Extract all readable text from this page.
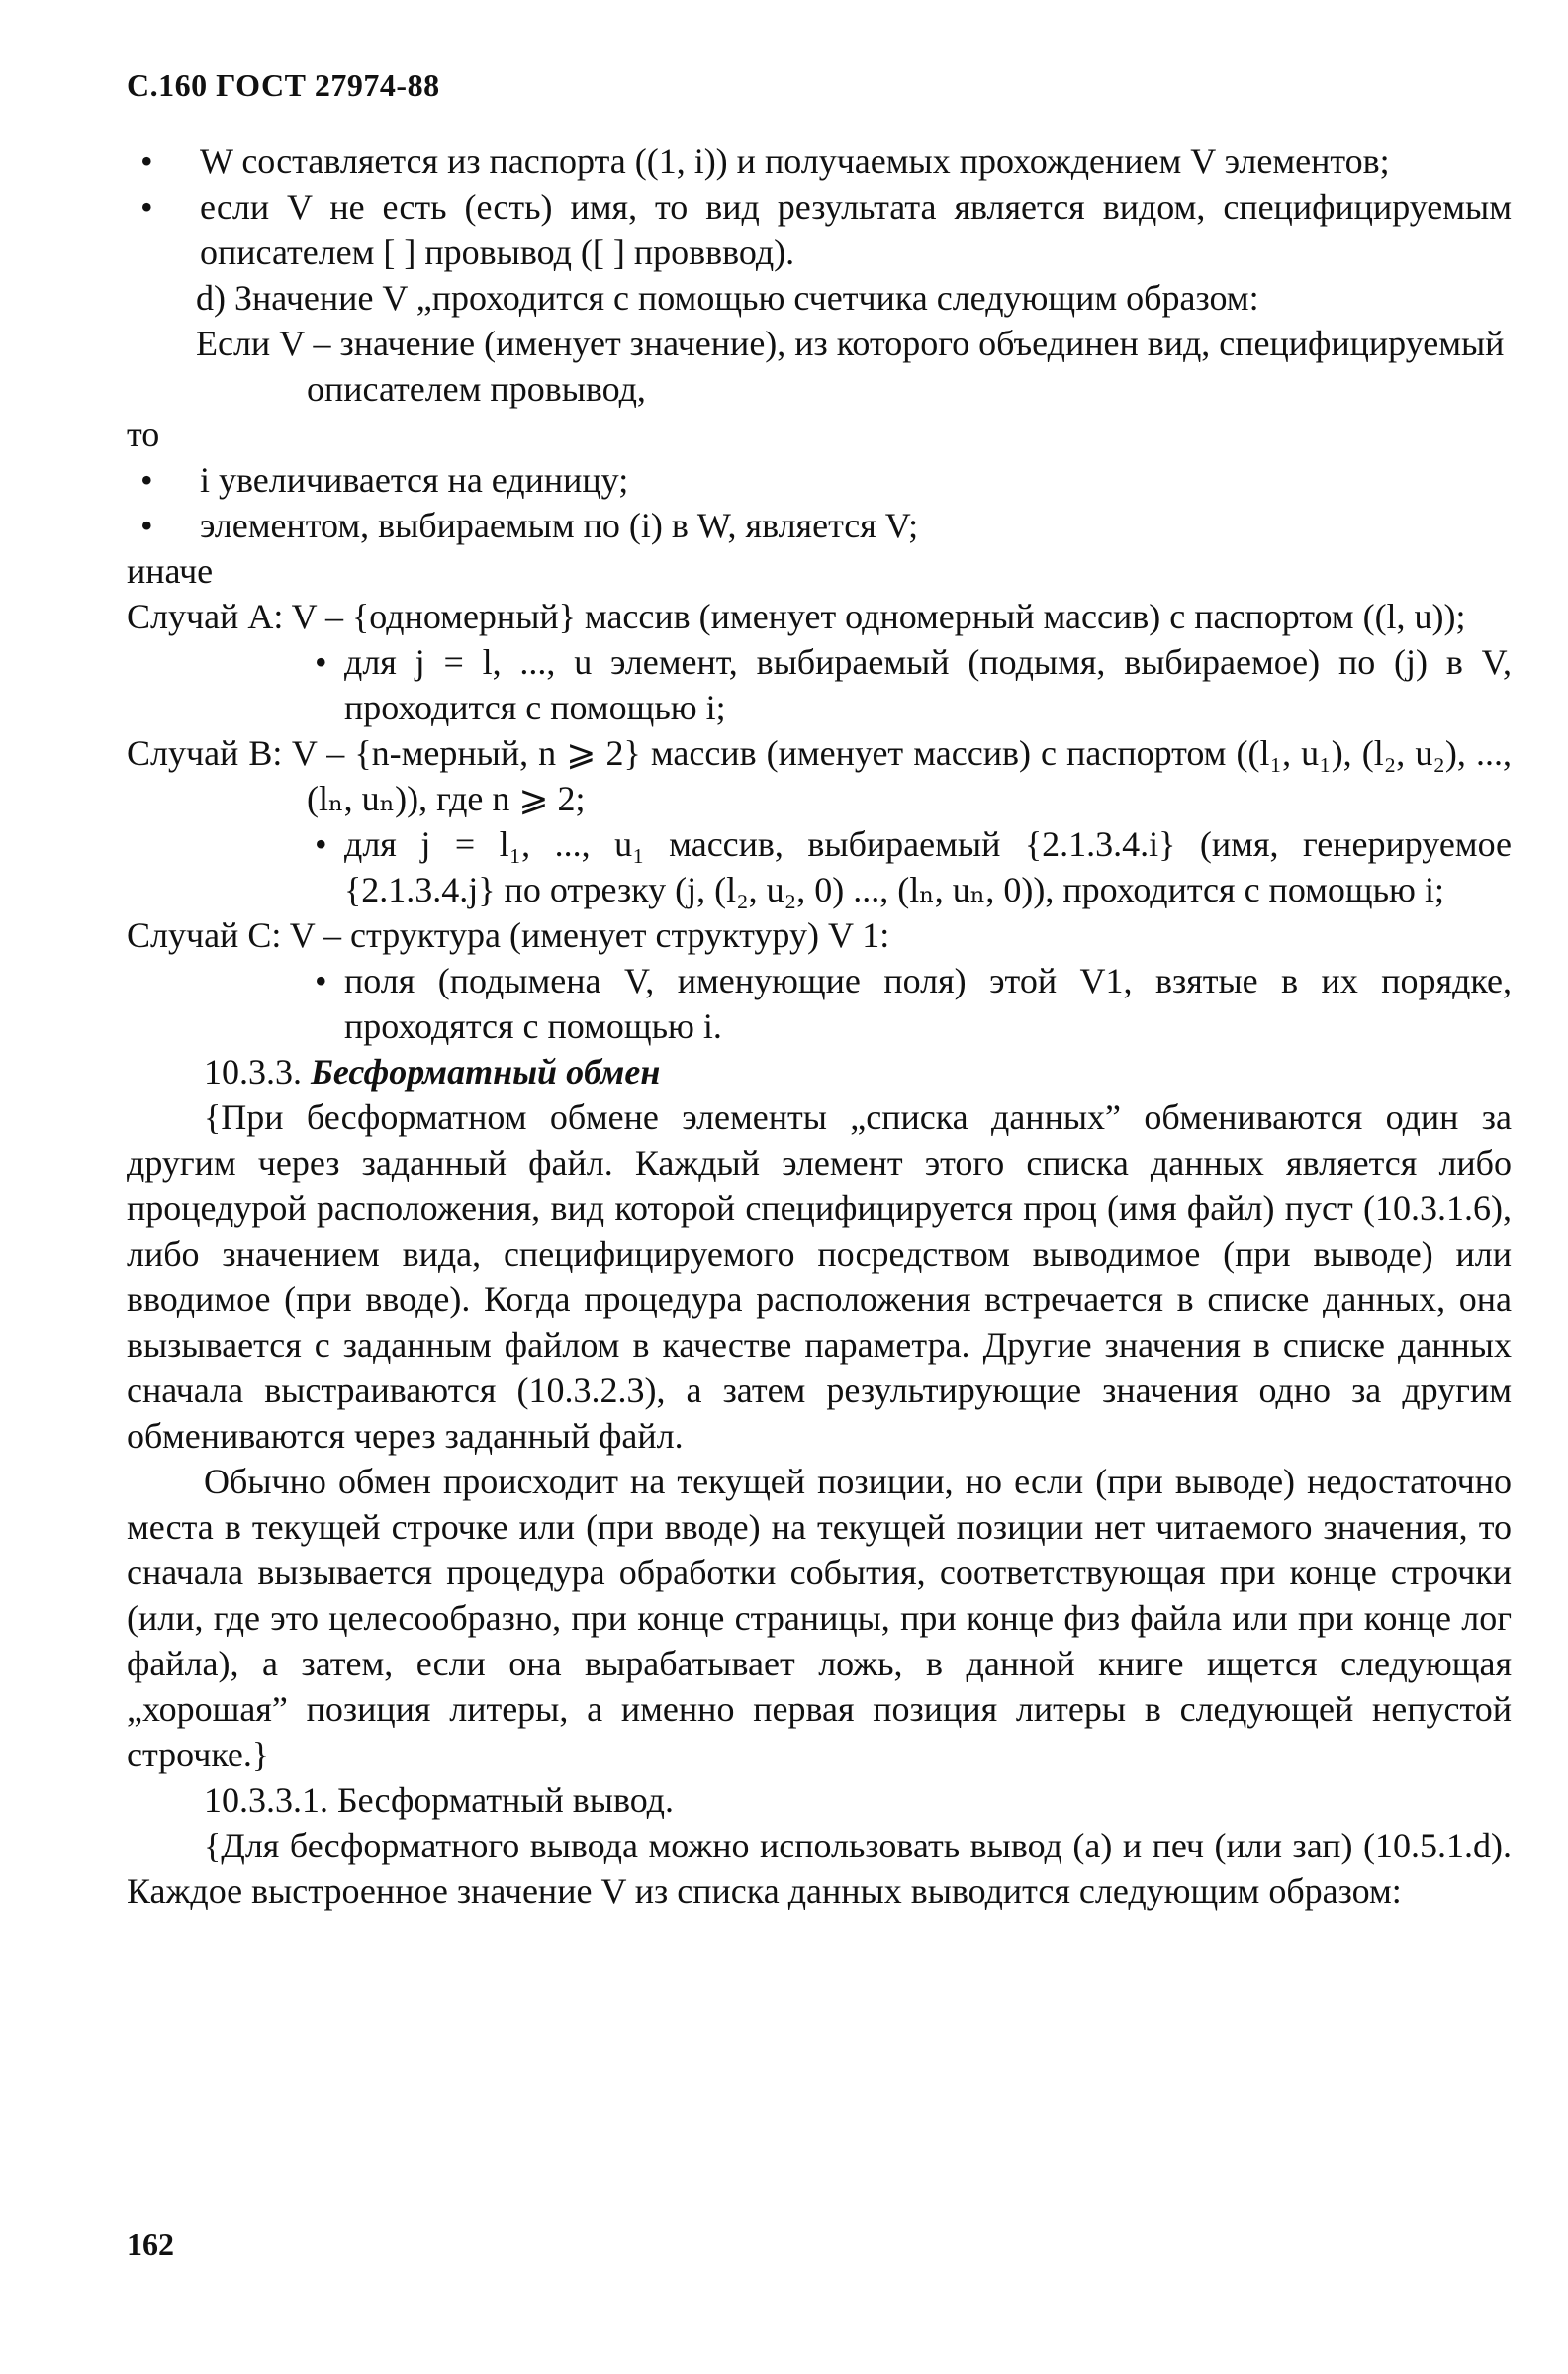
С.160 ГОСТ 27974-88

• W составляется из паспорта ((1, i)) и получаемых прохождением V элементов;

• если V не есть (есть) имя, то вид результата является видом, специфицируемым описателем [ ] провывод ([ ] провввод).

d) Значение V „проходится с помощью счетчика следующим образом:

Если V – значение (именует значение), из которого объединен вид, специфицируемый описателем провывод,

то

• i увеличивается на единицу;

• элементом, выбираемым по (i) в W, является V;

иначе

Случай A: V – {одномерный} массив (именует одномерный массив) с паспортом ((l, u));

• для j = l, ..., u элемент, выбираемый (подымя, выбираемое) по (j) в V, проходится с помощью i;

Случай B: V – {n-мерный, n ⩾ 2} массив (именует массив) с паспортом ((l₁, u₁), (l₂, u₂), ..., (lₙ, uₙ)), где n ⩾ 2;

• для j = l₁, ..., u₁ массив, выбираемый {2.1.3.4.i} (имя, генерируемое {2.1.3.4.j} по отрезку (j, (l₂, u₂, 0) ..., (lₙ, uₙ, 0)), проходится с помощью i;

Случай C: V – структура (именует структуру) V 1:

• поля (подымена V, именующие поля) этой V1, взятые в их порядке, проходятся с помощью i.

10.3.3. Бесформатный обмен

{При бесформатном обмене элементы „списка данных” обмениваются один за другим через заданный файл. Каждый элемент этого списка данных является либо процедурой расположения, вид которой специфицируется проц (имя файл) пуст (10.3.1.6), либо значением вида, специфицируемого посредством выводимое (при выводе) или вводимое (при вводе). Когда процедура расположения встречается в списке данных, она вызывается с заданным файлом в качестве параметра. Другие значения в списке данных сначала выстраиваются (10.3.2.3), а затем результирующие значения одно за другим обмениваются через заданный файл.

Обычно обмен происходит на текущей позиции, но если (при выводе) недостаточно места в текущей строчке или (при вводе) на текущей позиции нет читаемого значения, то сначала вызывается процедура обработки события, соответствующая при конце строчки (или, где это целесообразно, при конце страницы, при конце физ файла или при конце лог файла), а затем, если она вырабатывает ложь, в данной книге ищется следующая „хорошая” позиция литеры, а именно первая позиция литеры в следующей непустой строчке.}

10.3.3.1. Бесформатный вывод.

{Для бесформатного вывода можно использовать вывод (a) и печ (или зап) (10.5.1.d). Каждое выстроенное значение V из списка данных выводится следующим образом:

162
